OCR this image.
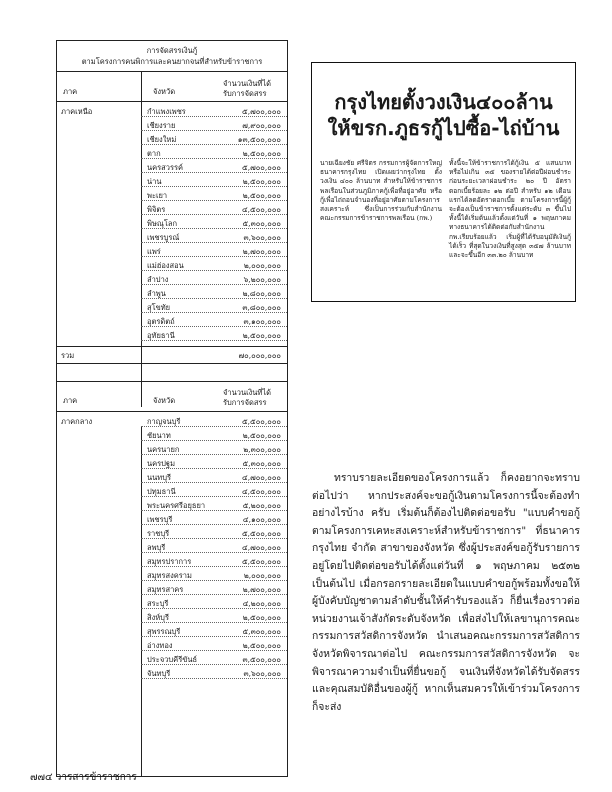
การจัดสรรเงินกู้
ตามโครงการคนพิการและคนยากจนที่สำหรับข้าราชการ
ภาค	จังหวัด
จำนวนเงินที่ได้
รับการจัดสรร
ภาคเหนือ	กำแพงเพชร	๕,๗๐๐,๐๐๐
เชียงราย	๗,๙๐๐,๐๐๐
เชียงใหม่	๑๓,๕๐๐,๐๐๐
ตาก	๒,๕๐๐,๐๐๐
นครสวรรค์	๕,๗๐๐,๐๐๐
น่าน	๒,๕๐๐,๐๐๐
พะเยา	๒,๕๐๐,๐๐๐
พิจิตร	๔,๕๐๐,๐๐๐
พิษณุโลก	๕,๓๐๐,๐๐๐
เพชรบูรณ์	๓,๖๐๐,๐๐๐
แพร่	๒,๗๐๐,๐๐๐
แม่ฮ่องสอน	๒,๐๐๐,๐๐๐
ลำปาง	๖,๒๐๐,๐๐๐
ลำพูน	๒,๘๐๐,๐๐๐
สุโขทัย	๓,๘๐๐,๐๐๐
อุตรดิตถ์	๓,๑๐๐,๐๐๐
อุทัยธานี	๒,๕๐๐,๐๐๐
รวม	๗๐,๐๐๐,๐๐๐
ภาค	จังหวัด
จำนวนเงินที่ได้
รับการจัดสรร
ภาคกลาง	กาญจนบุรี	๕,๕๐๐,๐๐๐
ชัยนาท	๒,๕๐๐,๐๐๐
นครนายก	๒,๓๐๐,๐๐๐
นครปฐม	๕,๓๐๐,๐๐๐
นนทบุรี	๔,๗๐๐,๐๐๐
ปทุมธานี	๔,๕๐๐,๐๐๐
พระนครศรีอยุธยา	๕,๒๐๐,๐๐๐
เพชรบุรี	๔,๑๐๐,๐๐๐
ราชบุรี	๕,๕๐๐,๐๐๐
ลพบุรี	๔,๗๐๐,๐๐๐
สมุทรปราการ	๕,๕๐๐,๐๐๐
สมุทรสงคราม	๒,๐๐๐,๐๐๐
สมุทรสาคร	๒,๗๐๐,๐๐๐
สระบุรี	๔,๒๐๐,๐๐๐
สิงห์บุรี	๒,๕๐๐,๐๐๐
สุพรรณบุรี	๕,๓๐๐,๐๐๐
อ่างทอง	๒,๕๐๐,๐๐๐
ประจวบคีรีขันธ์	๓,๕๐๐,๐๐๐
จันทบุรี	๓,๖๐๐,๐๐๐
กรุงไทยตั้งวงเงิน๔๐๐ล้าน
ให้ขรก.ภูธรกู้ไปซื้อ-ไถ่บ้าน
นายเฉียงชัย ศรีจิตร กรรมการผู้จัดการใหญ่ธนาคารกรุงไทย เปิดเผยว่ากรุงไทย ตั้งวงเงิน ๔๐๐ ล้านบาท สำหรับให้ข้าราชการพลเรือนในส่วนภูมิภาคกู้เพื่อที่อยู่อาศัย หรือกู้เพื่อไถ่ถอนจำนองที่อยู่อาศัยตามโครงการสงเคราะห์ ซึ่งเป็นการร่วมกับสำนักงานคณะกรรมการข้าราชการพลเรือน (กพ.)
ทั้งนี้จะให้ข้าราชการได้กู้เงิน ๕ แสนบาทหรือไม่เกิน ๓๕ ของรายได้ต่อปีผ่อนชำระ ก่อนระยะเวลาผ่อนชำระ ๒๐ ปี อัตราดอกเบี้ยร้อยละ ๑๒ ต่อปี สำหรับ ๑๒ เดือนแรกได้ลดอัตราดอกเบี้ย ตามโครงการนี้ผู้กู้จะต้องเป็นข้าราชการตั้งแต่ระดับ ๓ ขึ้นไป ทั้งนี้ได้เริ่มต้นแล้วตั้งแต่วันที่ ๑ พฤษภาคม ทางธนาคารได้ติดต่อกับสำนักงาน กพ.เรียบร้อยแล้ว เริ่มผู้ที่ได้รับอนุมัติเงินกู้ได้เร็ว ที่สุดในวงเงินที่สูงสุด ๓๕๗ ล้านบาท และจะขึ้นอีก ๓๓.๒๐ ล้านบาท

ทราบรายละเอียดของโครงการแล้ว ก็คงอยากจะทราบต่อไปว่า หากประสงค์จะขอกู้เงินตามโครงการนี้จะต้องทำอย่างไรบ้าง ครับ เริ่มต้นก็ต้องไปติดต่อขอรับ "แบบคำขอกู้ตามโครงการเคหะสงเคราะห์สำหรับข้าราชการ" ที่ธนาคารกรุงไทย จำกัด สาขาของจังหวัด ซึ่งผู้ประสงค์ขอกู้รับรายการอยู่โดยไปติดต่อขอรับได้ตั้งแต่วันที่ ๑ พฤษภาคม ๒๕๓๒ เป็นต้นไป เมื่อกรอกรายละเอียดในแบบคำขอกู้พร้อมทั้งขอให้ผู้บังคับบัญชาตามลำดับชั้นให้คำรับรองแล้ว ก็ยื่นเรื่องราวต่อหน่วยงานเจ้าสังกัดระดับจังหวัด เพื่อส่งไปให้เลขานุการคณะกรรมการสวัสดิการจังหวัด นำเสนอคณะกรรมการสวัสดิการจังหวัดพิจารณาต่อไป คณะกรรมการสวัสดิการจังหวัด จะพิจารณาความจำเป็นที่ยื่นขอกู้ จนเงินที่จังหวัดได้รับจัดสรรและคุณสมบัติอื่นของผู้กู้ หากเห็นสมควรให้เข้าร่วมโครงการ ก็จะส่ง

๗๗๔ วารสารข้าราชการ
